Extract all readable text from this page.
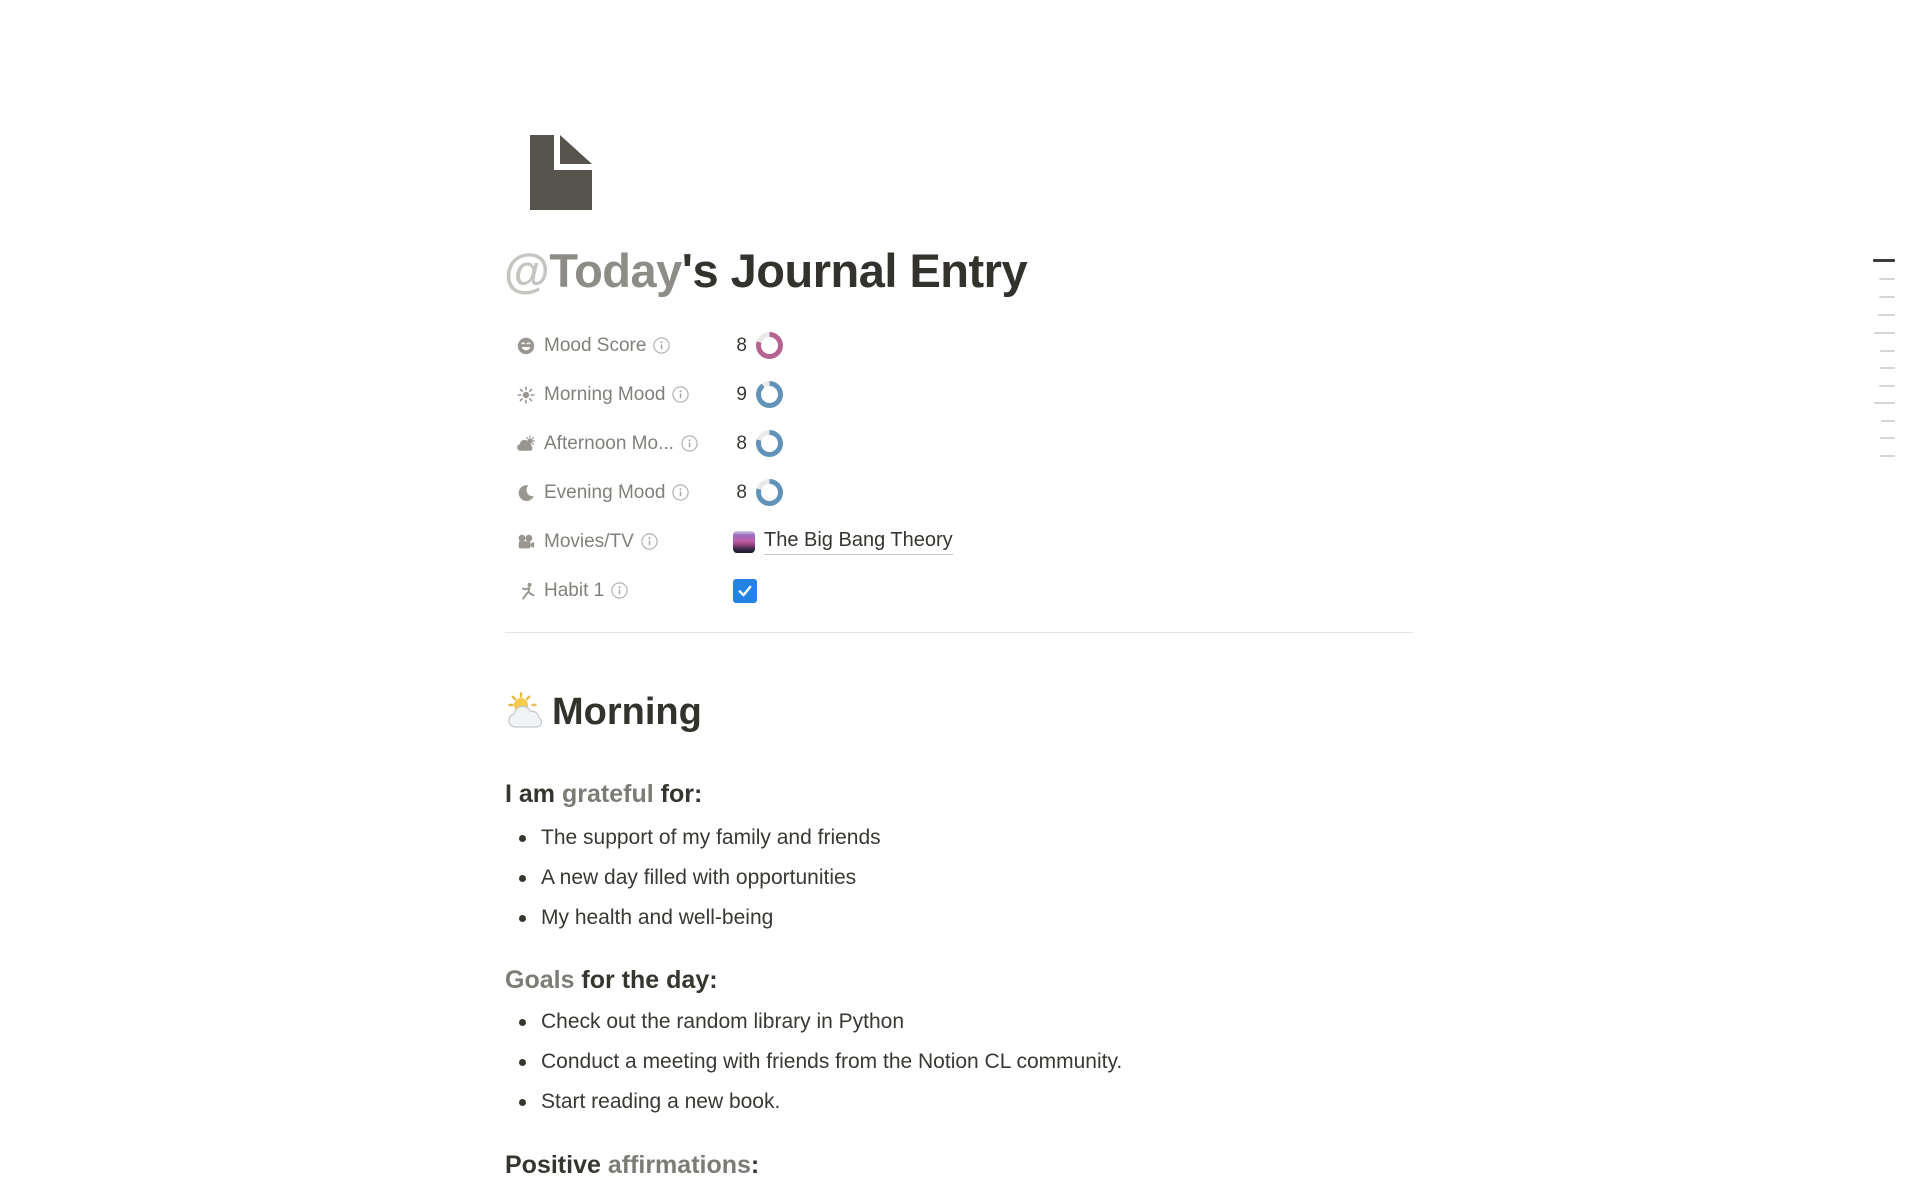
@Today's Journal Entry
Mood Score	8
Morning Mood	9
Afternoon Mo...	8
Evening Mood	8
Movies/TV	The Big Bang Theory
Habit 1
Morning
I am grateful for:
The support of my family and friends
A new day filled with opportunities
My health and well-being
Goals for the day:
Check out the random library in Python
Conduct a meeting with friends from the Notion CL community.
Start reading a new book.
Positive affirmations:
